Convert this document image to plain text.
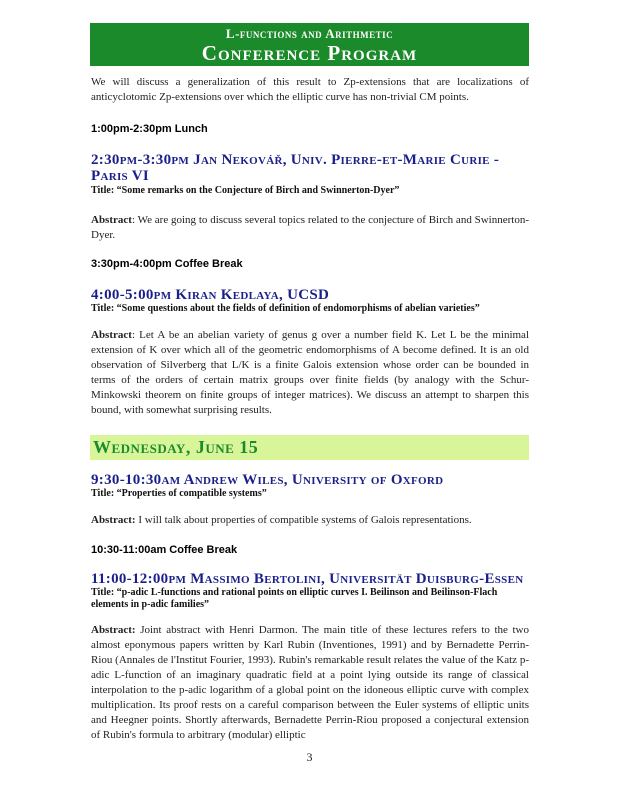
L-functions and Arithmetic
Conference Program

We will discuss a generalization of this result to Zp-extensions that are localizations of anticyclotomic Zp-extensions over which the elliptic curve has non-trivial CM points.

1:00pm-2:30pm Lunch
2:30pm-3:30pm Jan Nekovář, Univ. Pierre-et-Marie Curie - Paris VI
Title: “Some remarks on the Conjecture of Birch and Swinnerton-Dyer”

Abstract: We are going to discuss several topics related to the conjecture of Birch and Swinnerton-Dyer.

3:30pm-4:00pm Coffee Break
4:00-5:00pm Kiran Kedlaya, UCSD
Title: “Some questions about the fields of definition of endomorphisms of abelian varieties”

Abstract: Let A be an abelian variety of genus g over a number field K. Let L be the minimal extension of K over which all of the geometric endomorphisms of A become defined. It is an old observation of Silverberg that L/K is a finite Galois extension whose order can be bounded in terms of the orders of certain matrix groups over finite fields (by analogy with the Schur-Minkowski theorem on finite groups of integer matrices). We discuss an attempt to sharpen this bound, with somewhat surprising results.

Wednesday, June 15
9:30-10:30am Andrew Wiles, University of Oxford
Title: “Properties of compatible systems”

Abstract: I will talk about properties of compatible systems of Galois representations.

10:30-11:00am Coffee Break
11:00-12:00pm Massimo Bertolini, Universität Duisburg-Essen
Title: “p-adic L-functions and rational points on elliptic curves I. Beilinson and Beilinson-Flach elements in p-adic families”

Abstract: Joint abstract with Henri Darmon. The main title of these lectures refers to the two almost eponymous papers written by Karl Rubin (Inventiones, 1991) and by Bernadette Perrin-Riou (Annales de l'Institut Fourier, 1993). Rubin's remarkable result relates the value of the Katz p-adic L-function of an imaginary quadratic field at a point lying outside its range of classical interpolation to the p-adic logarithm of a global point on the idoneous elliptic curve with complex multiplication. Its proof rests on a careful comparison between the Euler systems of elliptic units and Heegner points. Shortly afterwards, Bernadette Perrin-Riou proposed a conjectural extension of Rubin's formula to arbitrary (modular) elliptic

3
